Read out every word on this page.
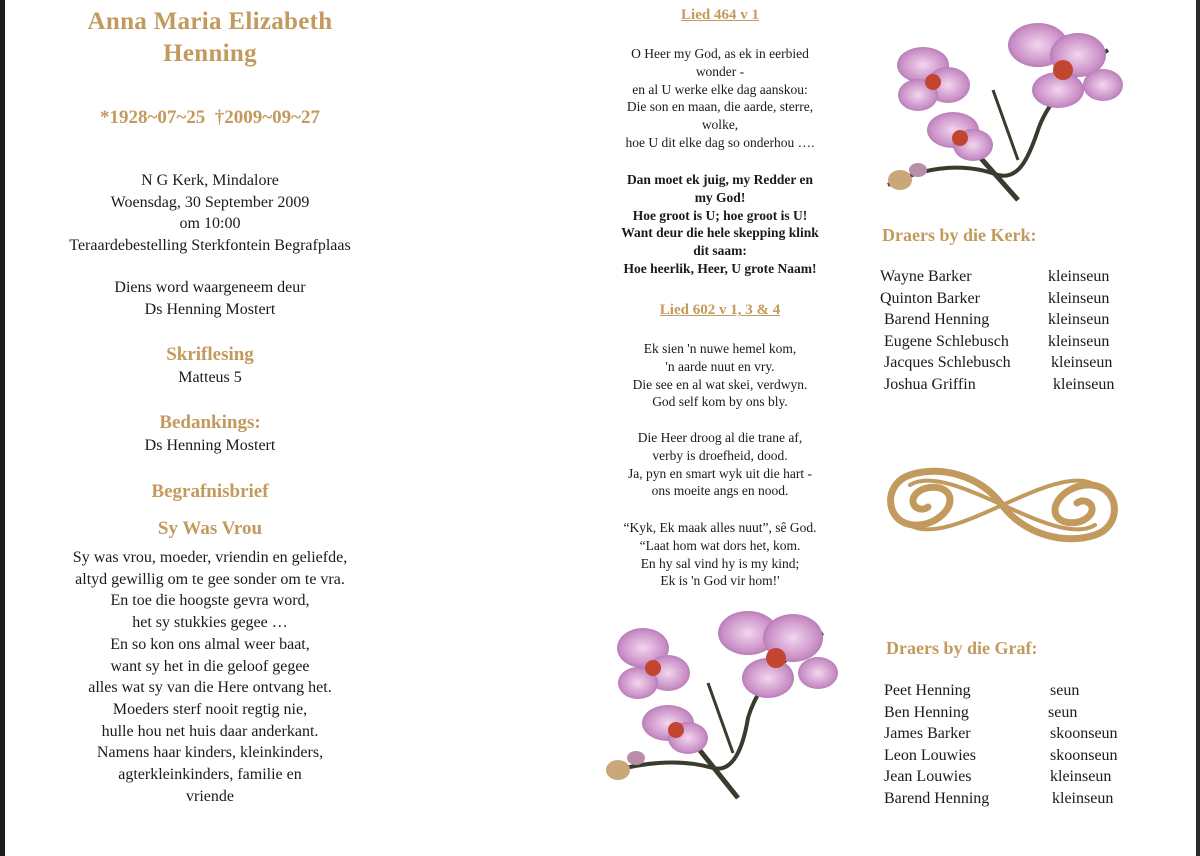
Anna Maria Elizabeth
Henning
*1928~07~25  †2009~09~27
N G Kerk, Mindalore
Woensdag, 30 September 2009
om 10:00
Teraardebestelling Sterkfontein Begrafplaas
Diens word waargeneem deur
Ds Henning Mostert
Skriflesing
Matteus 5
Bedankings:
Ds Henning Mostert
Begrafnisbrief
Sy Was Vrou
Sy was vrou, moeder, vriendin en geliefde,
altyd gewillig om te gee sonder om te vra.
En toe die hoogste gevra word,
het sy stukkies gegee …
En so kon ons almal weer baat,
want sy het in die geloof gegee
alles wat sy van die Here ontvang het.
Moeders sterf nooit regtig nie,
hulle hou net huis daar anderkant.
Namens haar kinders, kleinkinders,
agterkleinkinders, familie en
vriende
Lied 464 v 1
O Heer my God, as ek in eerbied
wonder -
en al U werke elke dag aanskou:
Die son en maan, die aarde, sterre,
wolke,
hoe U dit elke dag so onderhou ….
Dan moet ek juig, my Redder en
my God!
Hoe groot is U; hoe groot is U!
Want deur die hele skepping klink
dit saam:
Hoe heerlik, Heer, U grote Naam!
Lied 602 v 1, 3 & 4
Ek sien 'n nuwe hemel kom,
'n aarde nuut en vry.
Die see en al wat skei, verdwyn.
God self kom by ons bly.
Die Heer droog al die trane af,
verby is droefheid, dood.
Ja, pyn en smart wyk uit die hart -
ons moeite angs en nood.
“Kyk, Ek maak alles nuut”, sê God.
“Laat hom wat dors het, kom.
En hy sal vind hy is my kind;
Ek is 'n God vir hom!'
Draers by die Kerk:
Wayne Barker	kleinseun
Quinton Barker	kleinseun
Barend Henning	kleinseun
Eugene Schlebusch kleinseun
Jacques Schlebusch	kleinseun
Joshua Griffin	kleinseun
Draers by die Graf:
Peet Henning	seun
Ben Henning	seun
James Barker	skoonseun
Leon Louwies	skoonseun
Jean Louwies	kleinseun
Barend Henning	kleinseun
